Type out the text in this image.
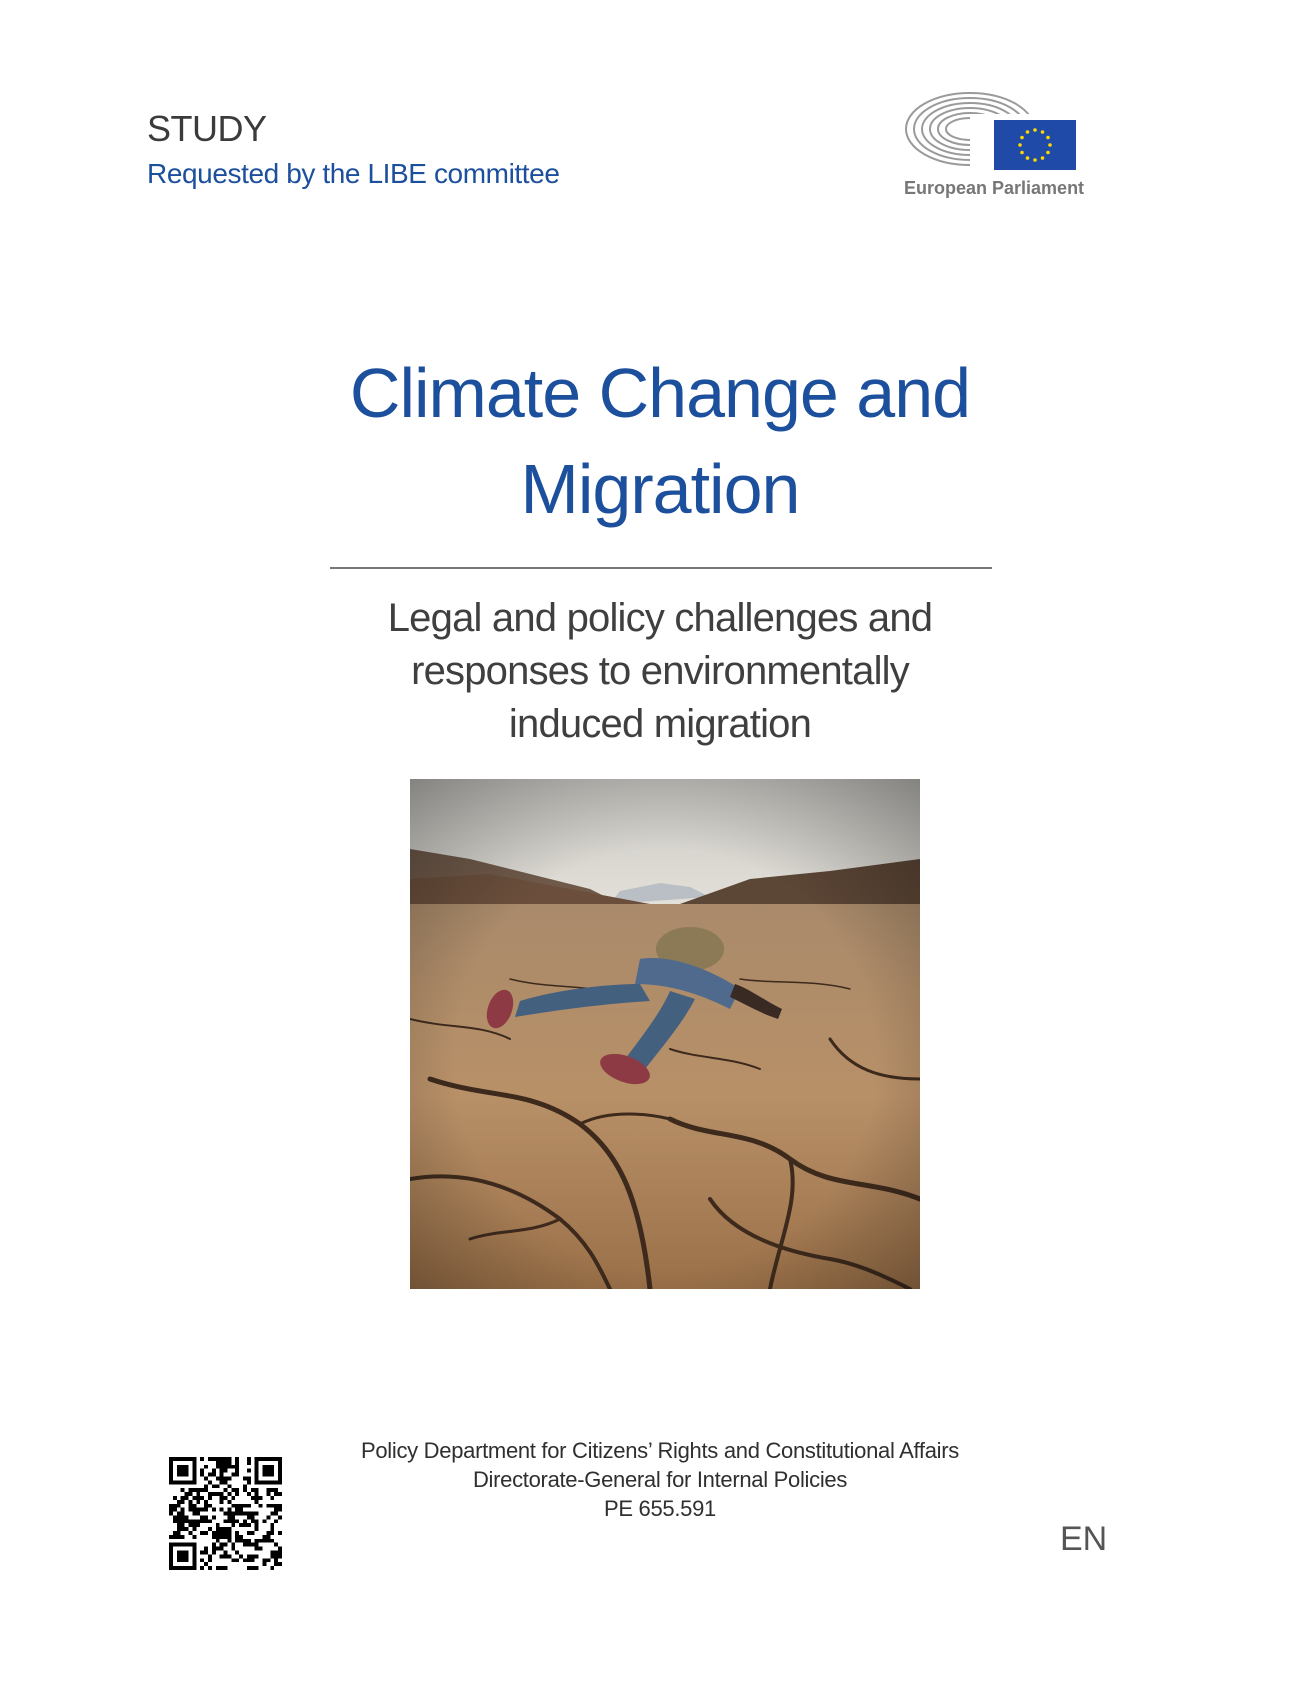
STUDY
Requested by the LIBE committee	European Parliament
Climate Change and
Migration
Legal and policy challenges and
responses to environmentally
induced migration
Policy Department for Citizens’ Rights and Constitutional Affairs
Directorate-General for Internal Policies
PE 655.591
EN
